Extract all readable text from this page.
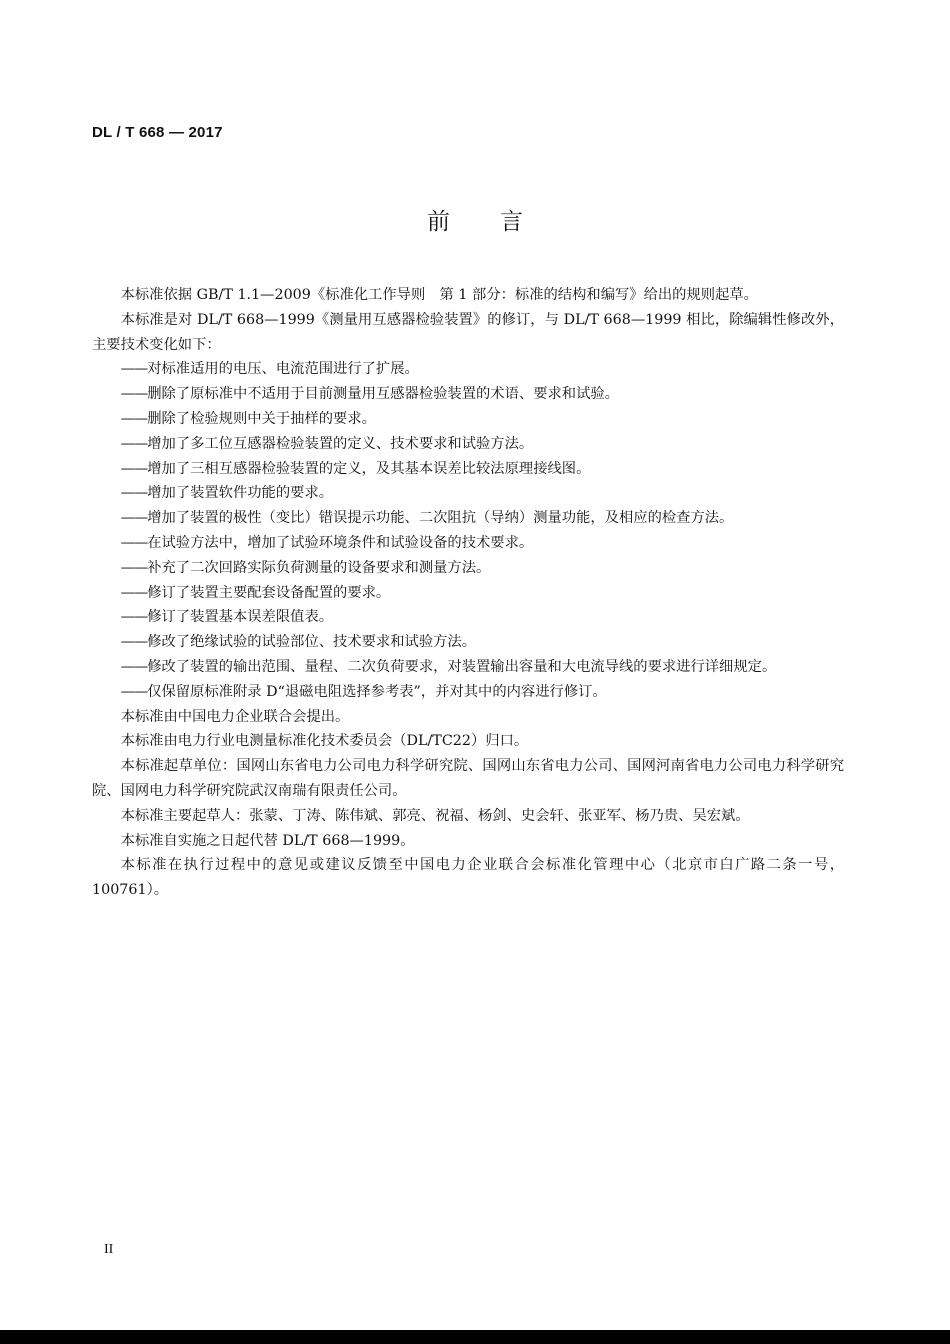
DL / T 668 — 2017
前言

本标准依据 GB/T 1.1—2009《标准化工作导则　第 1 部分：标准的结构和编写》给出的规则起草。

本标准是对 DL/T 668—1999《测量用互感器检验装置》的修订，与 DL/T 668—1999 相比，除编辑性修改外，主要技术变化如下：

——对标准适用的电压、电流范围进行了扩展。
——删除了原标准中不适用于目前测量用互感器检验装置的术语、要求和试验。
——删除了检验规则中关于抽样的要求。
——增加了多工位互感器检验装置的定义、技术要求和试验方法。
——增加了三相互感器检验装置的定义，及其基本误差比较法原理接线图。
——增加了装置软件功能的要求。
——增加了装置的极性（变比）错误提示功能、二次阻抗（导纳）测量功能，及相应的检查方法。
——在试验方法中，增加了试验环境条件和试验设备的技术要求。
——补充了二次回路实际负荷测量的设备要求和测量方法。
——修订了装置主要配套设备配置的要求。
——修订了装置基本误差限值表。
——修改了绝缘试验的试验部位、技术要求和试验方法。
——修改了装置的输出范围、量程、二次负荷要求，对装置输出容量和大电流导线的要求进行详细规定。
——仅保留原标准附录 D“退磁电阻选择参考表”，并对其中的内容进行修订。

本标准由中国电力企业联合会提出。

本标准由电力行业电测量标准化技术委员会（DL/TC22）归口。

本标准起草单位：国网山东省电力公司电力科学研究院、国网山东省电力公司、国网河南省电力公司电力科学研究院、国网电力科学研究院武汉南瑞有限责任公司。

本标准主要起草人：张蒙、丁涛、陈伟斌、郭亮、祝福、杨剑、史会轩、张亚军、杨乃贵、吴宏斌。

本标准自实施之日起代替 DL/T 668—1999。

本标准在执行过程中的意见或建议反馈至中国电力企业联合会标准化管理中心（北京市白广路二条一号，100761）。

II
